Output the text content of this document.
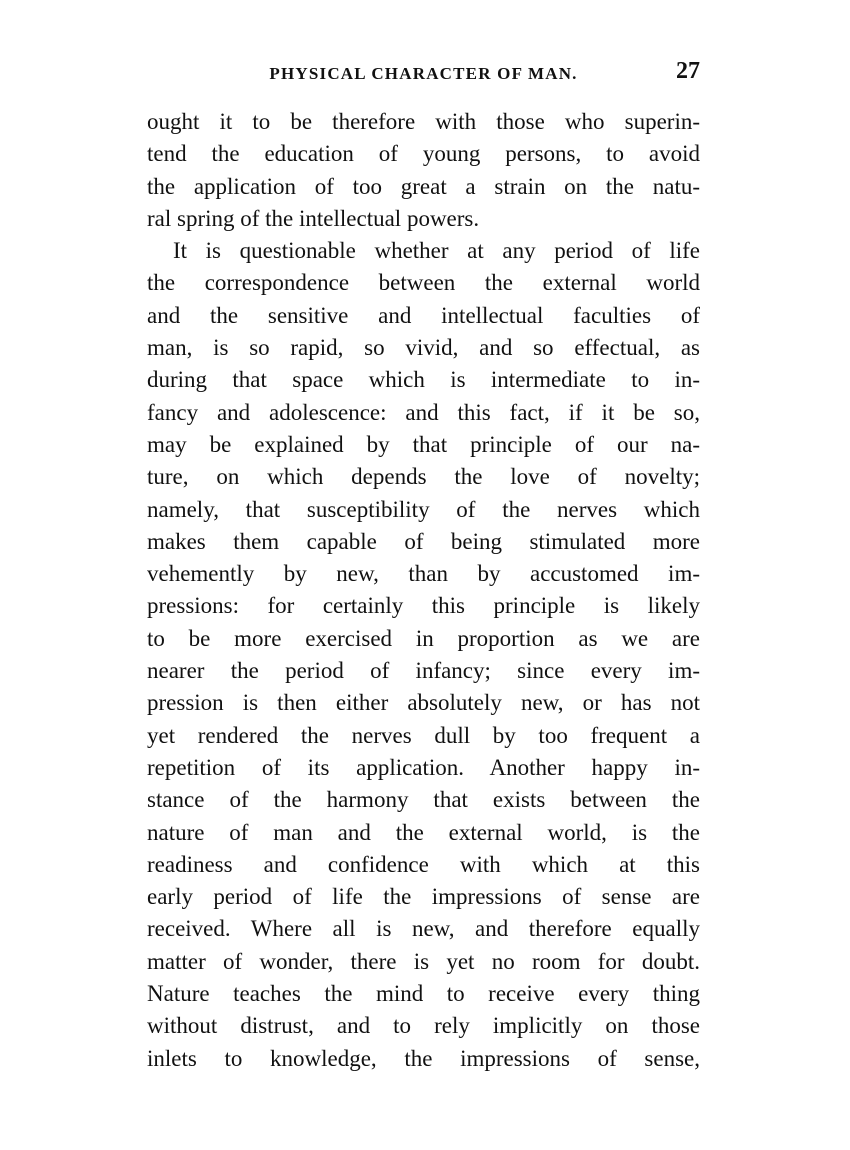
PHYSICAL CHARACTER OF MAN.	27
ought it to be therefore with those who superin-
tend the education of young persons, to avoid
the application of too great a strain on the natu-
ral spring of the intellectual powers.
It is questionable whether at any period of life
the correspondence between the external world
and the sensitive and intellectual faculties of
man, is so rapid, so vivid, and so effectual, as
during that space which is intermediate to in-
fancy and adolescence: and this fact, if it be so,
may be explained by that principle of our na-
ture, on which depends the love of novelty;
namely, that susceptibility of the nerves which
makes them capable of being stimulated more
vehemently by new, than by accustomed im-
pressions: for certainly this principle is likely
to be more exercised in proportion as we are
nearer the period of infancy; since every im-
pression is then either absolutely new, or has not
yet rendered the nerves dull by too frequent a
repetition of its application. Another happy in-
stance of the harmony that exists between the
nature of man and the external world, is the
readiness and confidence with which at this
early period of life the impressions of sense are
received. Where all is new, and therefore equally
matter of wonder, there is yet no room for doubt.
Nature teaches the mind to receive every thing
without distrust, and to rely implicitly on those
inlets to knowledge, the impressions of sense,
